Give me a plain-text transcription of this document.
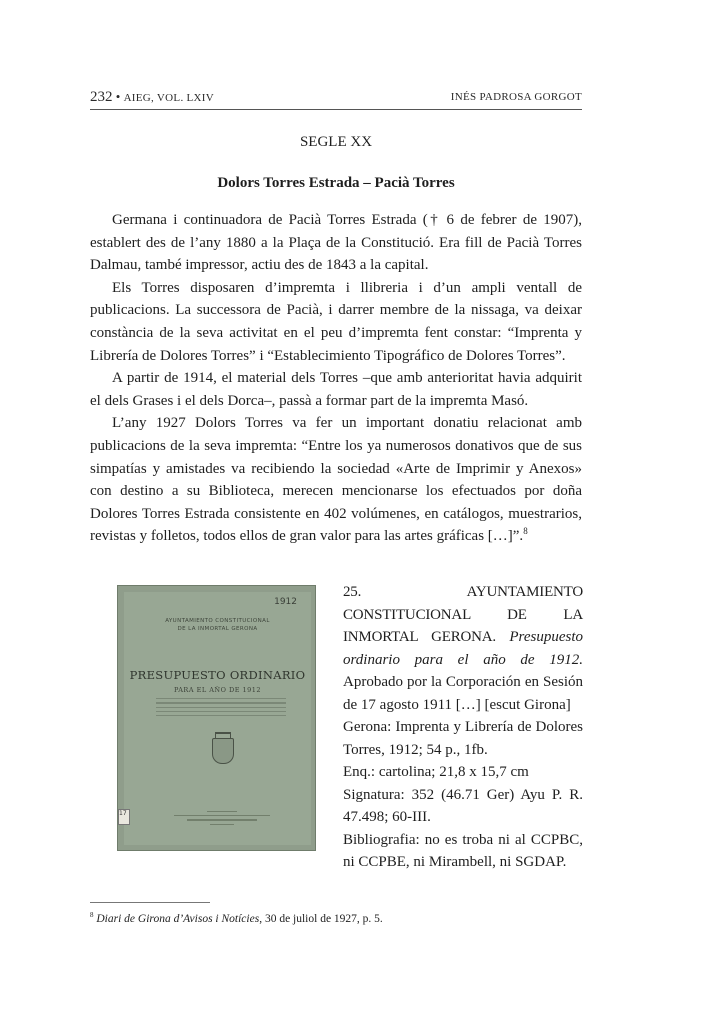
232 • AIEG, VOL. LXIV	INÉS PADROSA GORGOT
SEGLE XX
Dolors Torres Estrada – Pacià Torres

Germana i continuadora de Pacià Torres Estrada († 6 de febrer de 1907), establert des de l’any 1880 a la Plaça de la Constitució. Era fill de Pacià Torres Dalmau, també impressor, actiu des de 1843 a la capital.

Els Torres disposaren d’impremta i llibreria i d’un ampli ventall de publicacions. La successora de Pacià, i darrer membre de la nissaga, va deixar constància de la seva activitat en el peu d’impremta fent constar: “Imprenta y Librería de Dolores Torres” i “Establecimiento Tipográfico de Dolores Torres”.

A partir de 1914, el material dels Torres –que amb anterioritat havia adquirit el dels Grases i el dels Dorca–, passà a formar part de la impremta Masó.

L’any 1927 Dolors Torres va fer un important donatiu relacionat amb publicacions de la seva impremta: “Entre los ya numerosos donativos que de sus simpatías y amistades va recibiendo la sociedad «Arte de Imprimir y Anexos» con destino a su Biblioteca, merecen mencionarse los efectuados por doña Dolores Torres Estrada consistente en 402 volúmenes, en catálogos, muestrarios, revistas y folletos, todos ellos de gran valor para las artes gráficas […]”.$^8$

1912
AYUNTAMIENTO CONSTITUCIONAL
DE LA INMORTAL GERONA
PRESUPUESTO ORDINARIO
PARA EL AÑO DE 1912
17

25. AYUNTAMIENTO CONSTITUCIONAL DE LA INMORTAL GERONA. Presupuesto ordinario para el año de 1912. Aprobado por la Corporación en Sesión de 17 agosto 1911 […] [escut Girona]

Gerona: Imprenta y Librería de Dolores Torres, 1912; 54 p., 1fb.

Enq.: cartolina; 21,8 x 15,7 cm

Signatura: 352 (46.71 Ger) Ayu P. R. 47.498; 60-III.

Bibliografia: no es troba ni al CCPBC, ni CCPBE, ni Mirambell, ni SGDAP.

$^8$ Diari de Girona d’Avisos i Notícies, 30 de juliol de 1927, p. 5.
